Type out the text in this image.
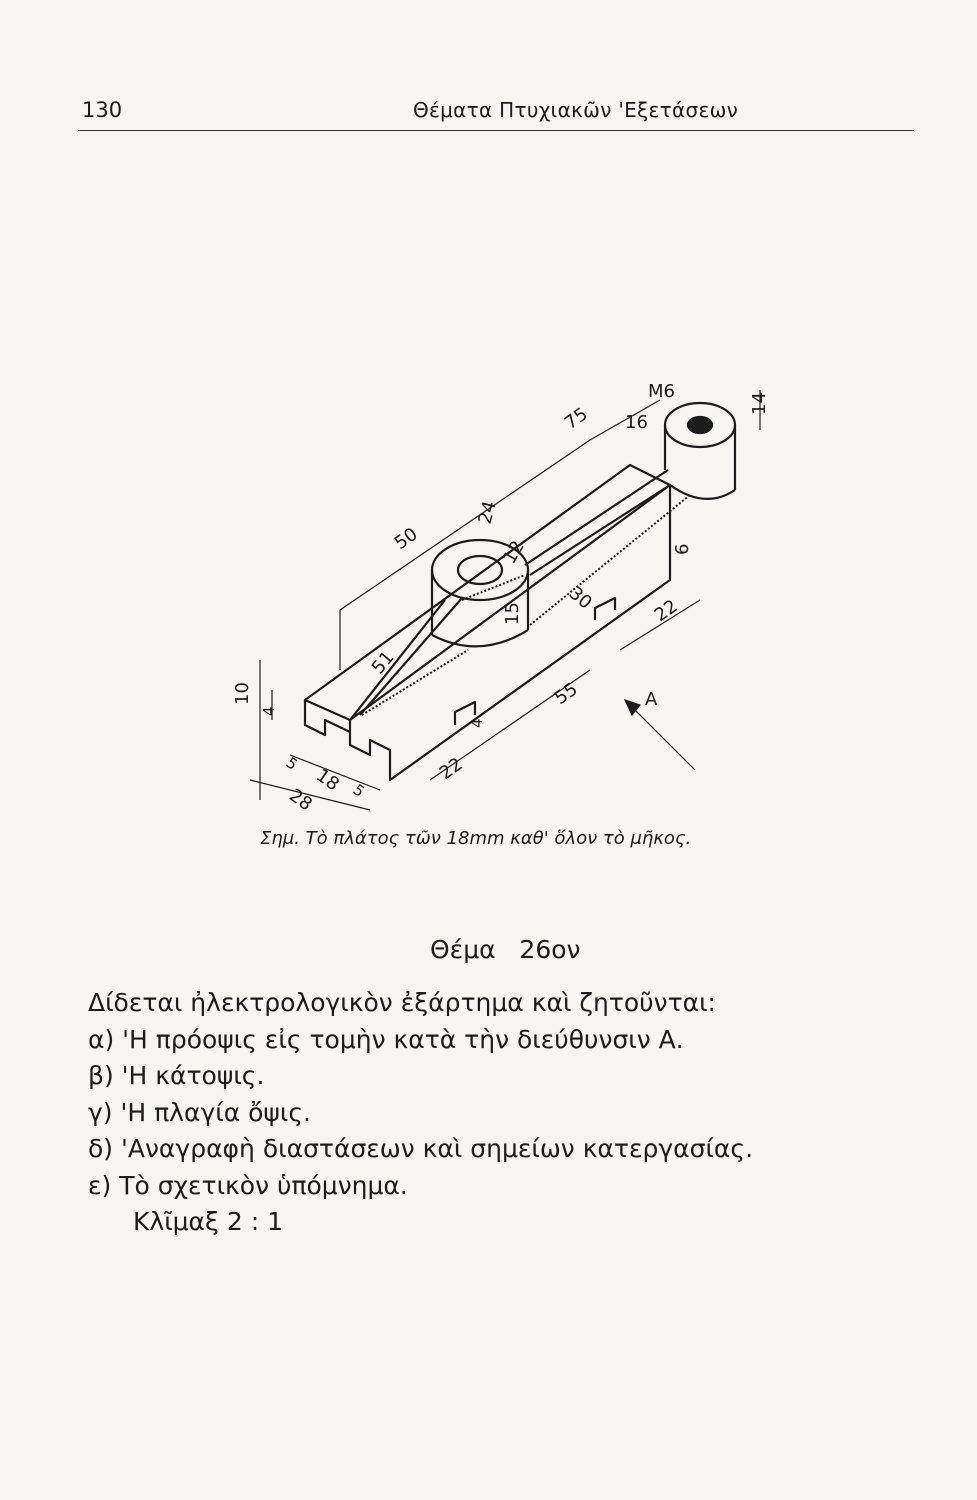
130	Θέματα Πτυχιακῶν 'Εξετάσεων
75
50
M6
16
14
24
12
30
15
6
22
51
10
4
55
4
22
5
18 5
28
A
Σημ. Τὸ πλάτος τῶν 18mm καθ' ὅλον τὸ μῆκος.
Θέμα   26ον
Δίδεται ἠλεκτρολογικὸν ἐξάρτημα καὶ ζητοῦνται:
α) 'Η πρόοψις εἰς τομὴν κατὰ τὴν διεύθυνσιν Α.
β) 'Η κάτοψις.
γ) 'Η πλαγία ὄψις.
δ) 'Αναγραφὴ διαστάσεων καὶ σημείων κατεργασίας.
ε) Τὸ σχετικὸν ὑπόμνημα.
Κλῖμαξ 2 : 1
